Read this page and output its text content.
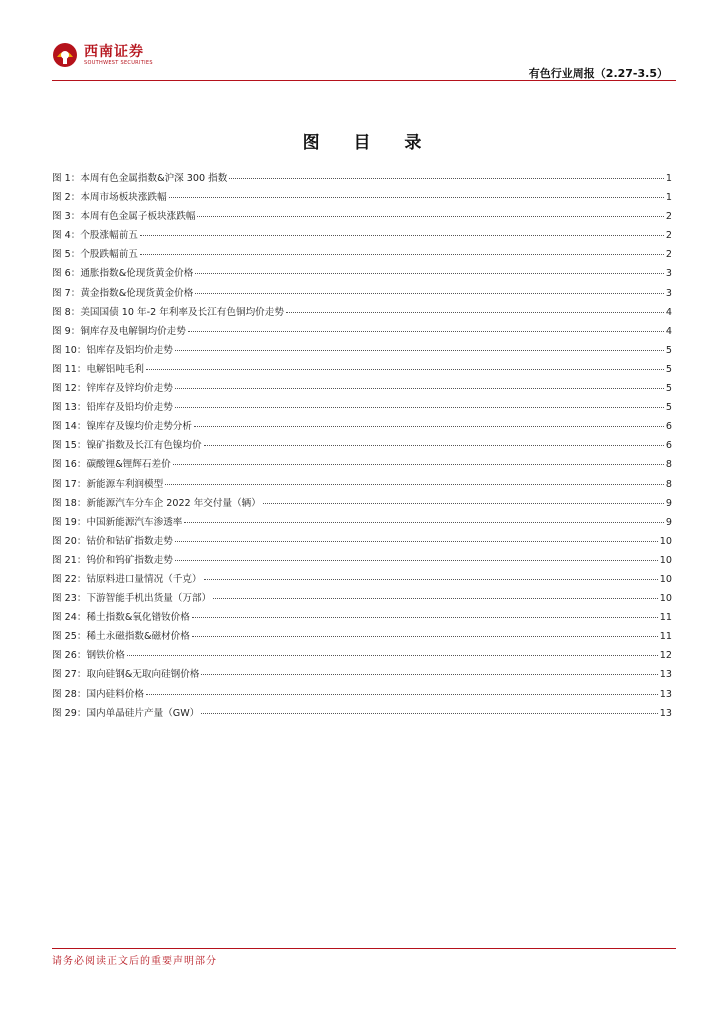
西南证券
SOUTHWEST SECURITIES
有色行业周报（2.27-3.5）
图 目 录
图 1：本周有色金属指数&沪深 300 指数	1
图 2：本周市场板块涨跌幅	1
图 3：本周有色金属子板块涨跌幅	2
图 4：个股涨幅前五	2
图 5：个股跌幅前五	2
图 6：通胀指数&伦现货黄金价格	3
图 7：黄金指数&伦现货黄金价格	3
图 8：美国国债 10 年-2 年利率及长江有色铜均价走势	4
图 9：铜库存及电解铜均价走势	4
图 10：铝库存及铝均价走势	5
图 11：电解铝吨毛利	5
图 12：锌库存及锌均价走势	5
图 13：铅库存及铅均价走势	5
图 14：镍库存及镍均价走势分析	6
图 15：镍矿指数及长江有色镍均价	6
图 16：碳酸锂&锂辉石差价	8
图 17：新能源车利润模型	8
图 18：新能源汽车分车企 2022 年交付量（辆）	9
图 19：中国新能源汽车渗透率	9
图 20：钴价和钴矿指数走势	10
图 21：钨价和钨矿指数走势	10
图 22：钴原料进口量情况（千克）	10
图 23：下游智能手机出货量（万部）	10
图 24：稀土指数&氧化镨钕价格	11
图 25：稀土永磁指数&磁材价格	11
图 26：钢铁价格	12
图 27：取向硅钢&无取向硅钢价格	13
图 28：国内硅料价格	13
图 29：国内单晶硅片产量（GW）	13
请务必阅读正文后的重要声明部分
